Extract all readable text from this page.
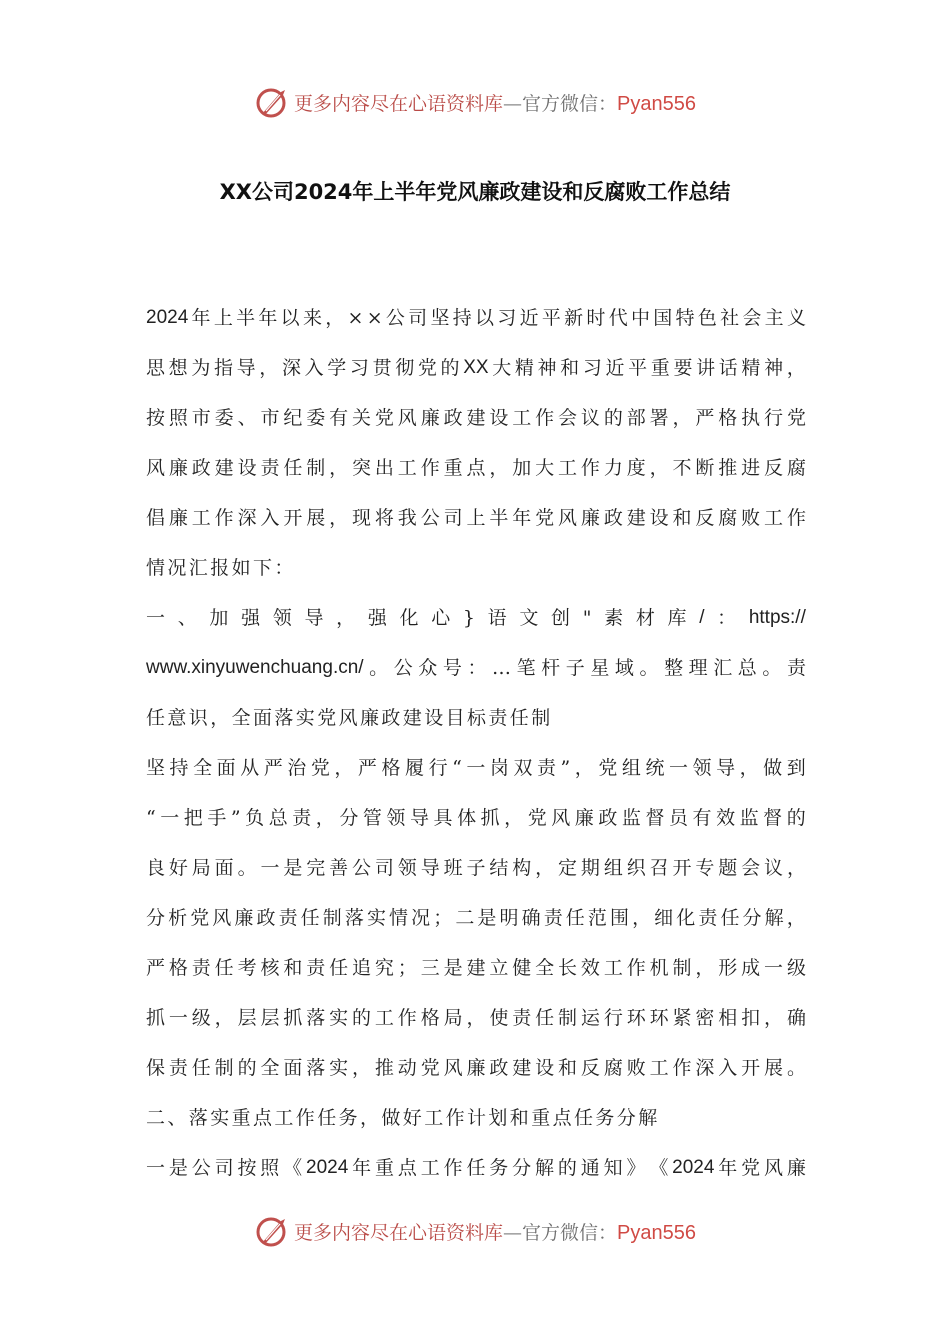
更多内容尽在心语资料库—官方微信：Pyan556
XX公司2024年上半年党风廉政建设和反腐败工作总结
2024 年 上 半 年 以 来 ， × × 公 司 坚 持 以 习 近 平 新 时 代 中 国 特 色 社 会 主 义
思 想 为 指 导 ， 深 入 学 习 贯 彻 党 的 XX 大 精 神 和 习 近 平 重 要 讲 话 精 神 ，
按 照 市 委 、 市 纪 委 有 关 党 风 廉 政 建 设 工 作 会 议 的 部 署 ， 严 格 执 行 党
风 廉 政 建 设 责 任 制 ， 突 出 工 作 重 点 ， 加 大 工 作 力 度 ， 不 断 推 进 反 腐
倡 廉 工 作 深 入 开 展 ， 现 将 我 公 司 上 半 年 党 风 廉 政 建 设 和 反 腐 败 工 作
情况汇报如下：
一 、 加 强 领 导 ， 强 化 心 } 语 文 创 " 素 材 库 / ： https://
www.xinyuwenchuang.cn/ 。 公 众 号 ： … 笔 杆 子 星 域 。 整 理 汇 总 。 责
任意识，全面落实党风廉政建设目标责任制
坚 持 全 面 从 严 治 党 ， 严 格 履 行 “ 一 岗 双 责 ” ， 党 组 统 一 领 导 ， 做 到
“ 一 把 手 ” 负 总 责 ， 分 管 领 导 具 体 抓 ， 党 风 廉 政 监 督 员 有 效 监 督 的
良 好 局 面 。 一 是 完 善 公 司 领 导 班 子 结 构 ， 定 期 组 织 召 开 专 题 会 议 ，
分 析 党 风 廉 政 责 任 制 落 实 情 况 ； 二 是 明 确 责 任 范 围 ， 细 化 责 任 分 解 ，
严 格 责 任 考 核 和 责 任 追 究 ； 三 是 建 立 健 全 长 效 工 作 机 制 ， 形 成 一 级
抓 一 级 ， 层 层 抓 落 实 的 工 作 格 局 ， 使 责 任 制 运 行 环 环 紧 密 相 扣 ， 确
保 责 任 制 的 全 面 落 实 ， 推 动 党 风 廉 政 建 设 和 反 腐 败 工 作 深 入 开 展 。
二、落实重点工作任务，做好工作计划和重点任务分解
一 是 公 司 按 照 《 2024 年 重 点 工 作 任 务 分 解 的 通 知 》 《 2024 年 党 风 廉
更多内容尽在心语资料库—官方微信：Pyan556
